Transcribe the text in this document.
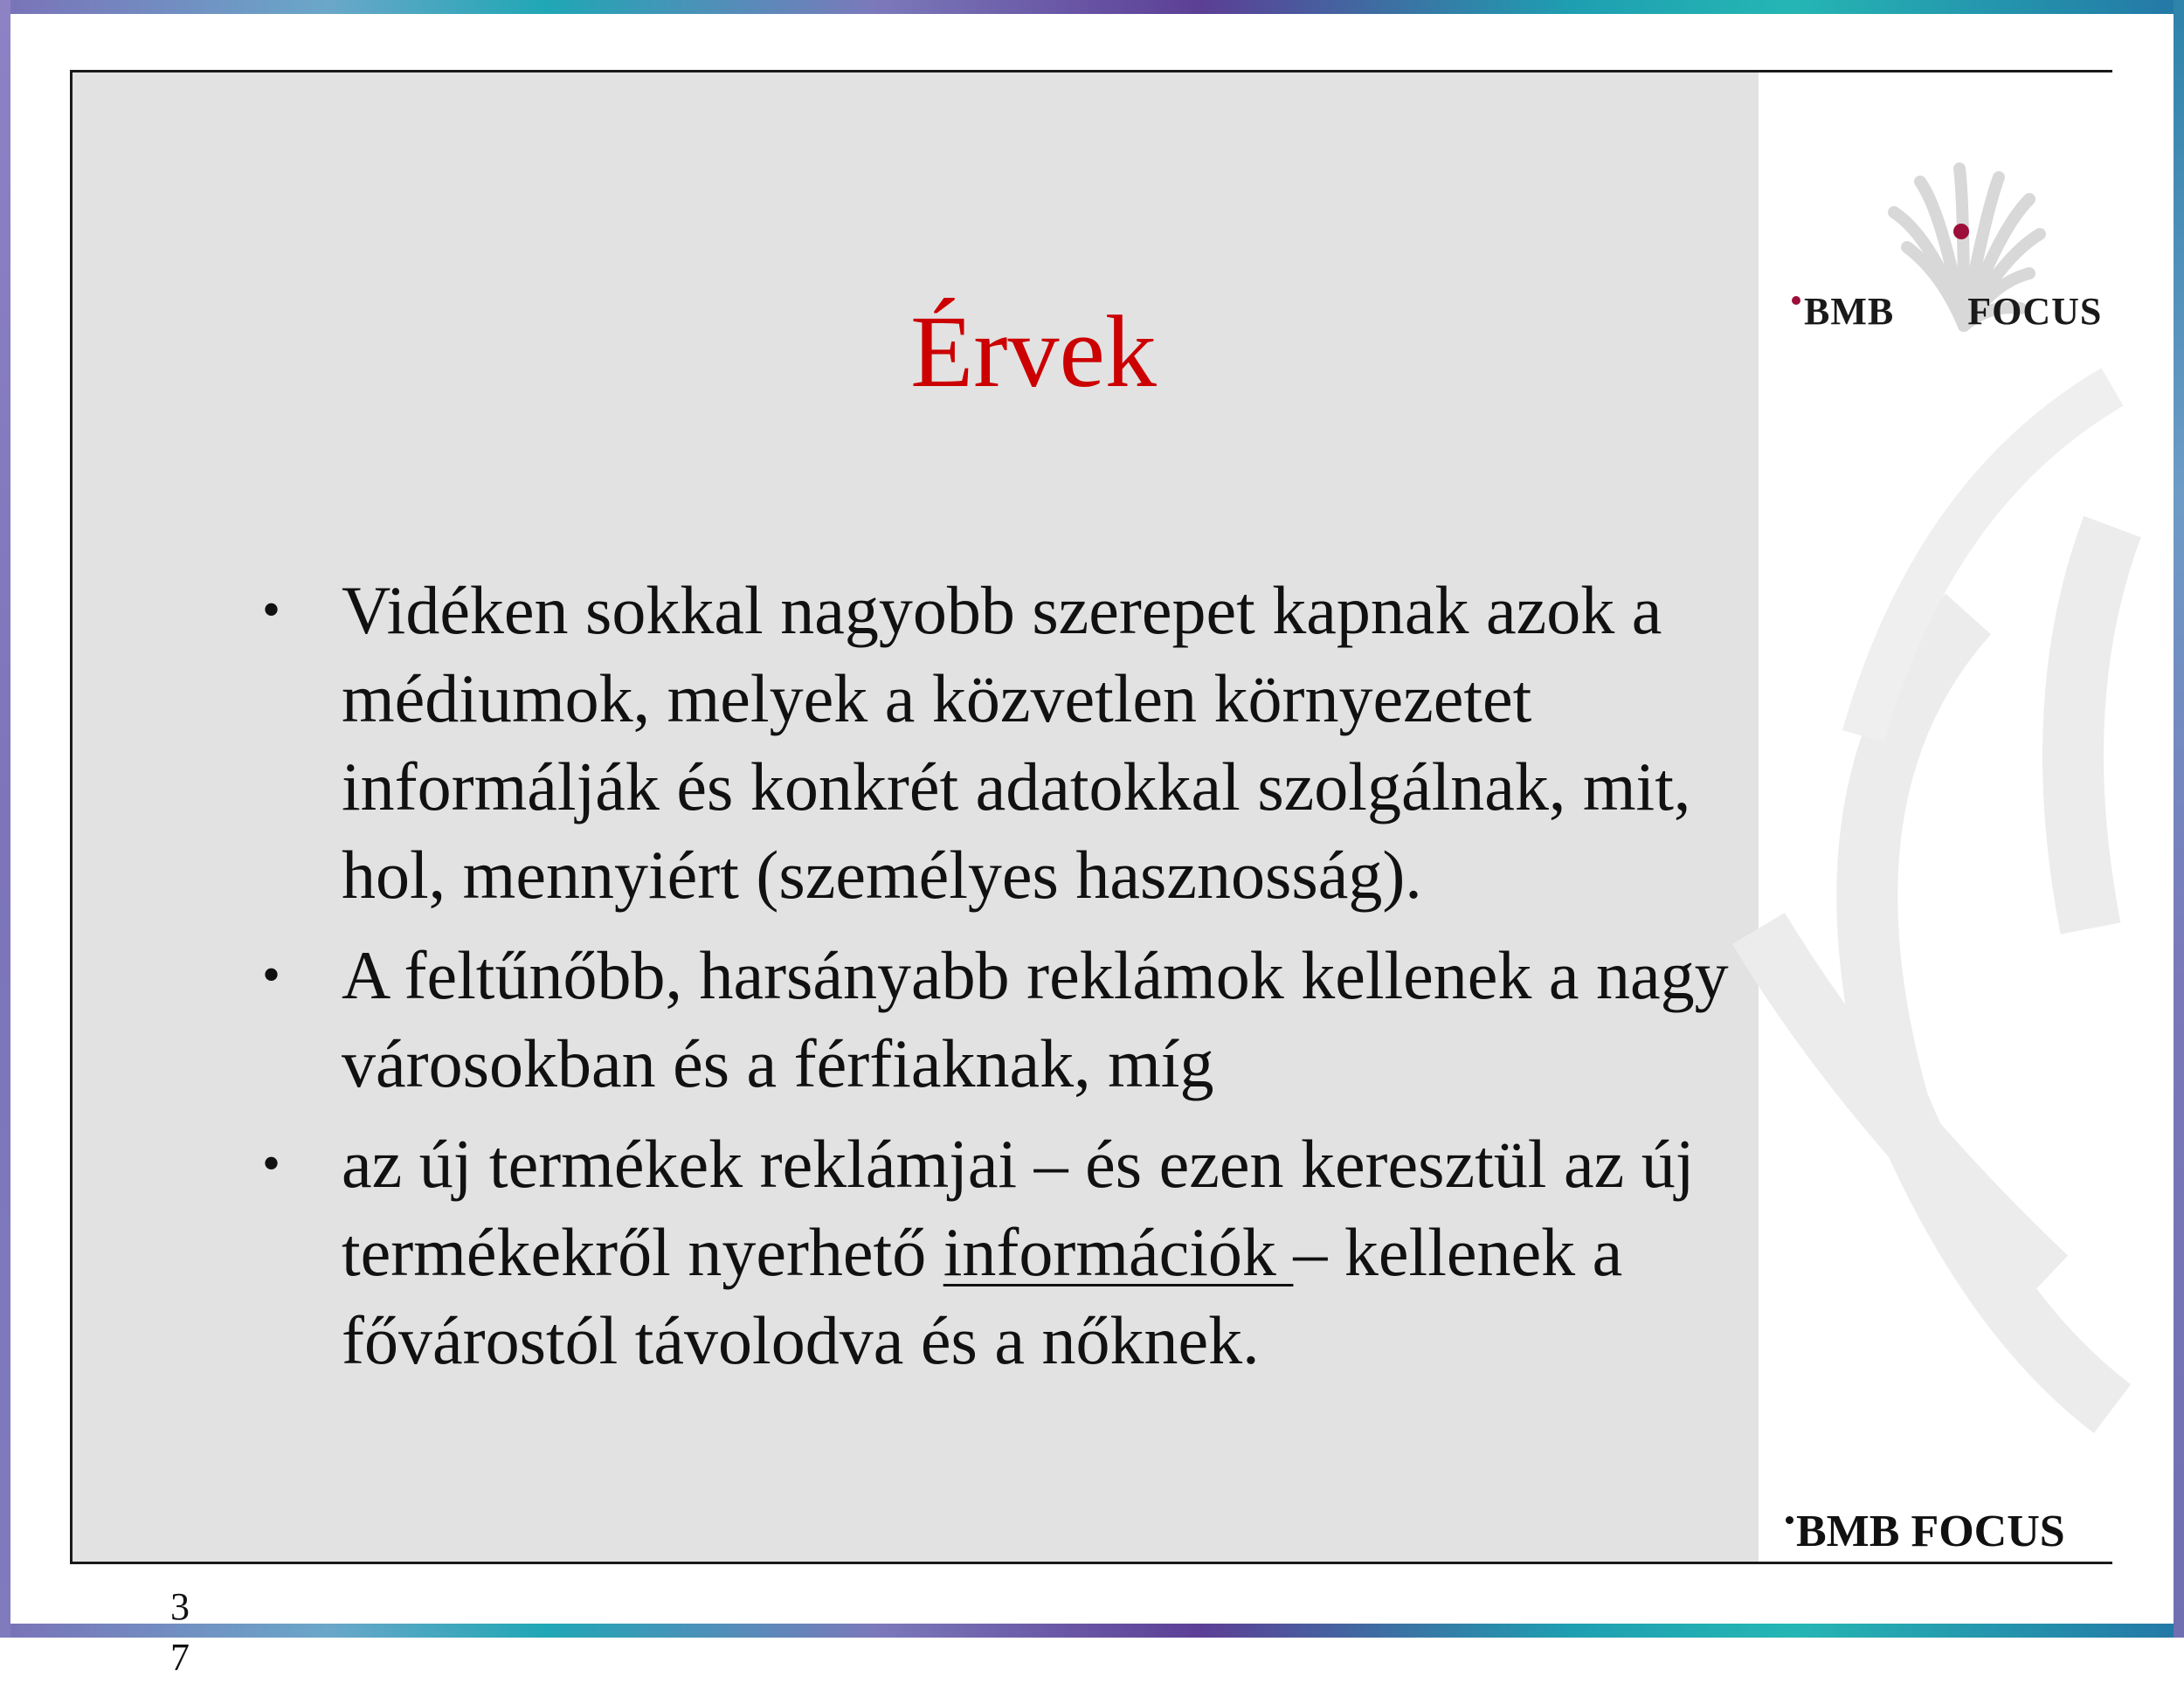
BMB       FOCUS
Érvek
• Vidéken sokkal nagyobb szerepet kapnak azok a médiumok, melyek a közvetlen környezetet informálják és konkrét adatokkal szolgálnak, mit, hol, mennyiért (személyes hasznosság).
• A feltűnőbb, harsányabb reklámok kellenek a nagy városokban és a férfiaknak, míg
• az új termékek reklámjai – és ezen keresztül az új termékekről nyerhető információk – kellenek a fővárostól távolodva és a nőknek.
3
7
BMB FOCUS
